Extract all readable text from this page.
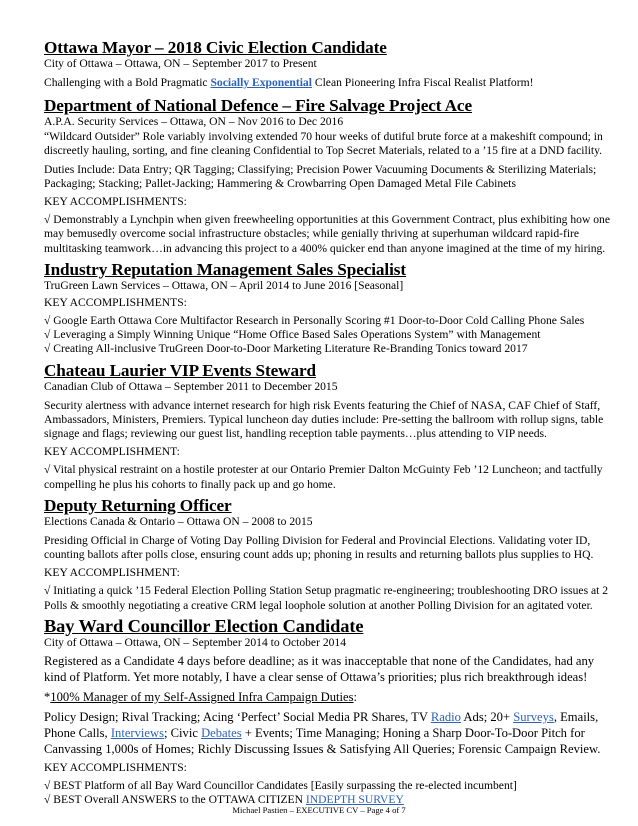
Ottawa Mayor – 2018 Civic Election Candidate
City of Ottawa – Ottawa, ON – September 2017 to Present

Challenging with a Bold Pragmatic Socially Exponential Clean Pioneering Infra Fiscal Realist Platform!

Department of National Defence – Fire Salvage Project Ace
A.P.A. Security Services – Ottawa, ON – Nov 2016 to Dec 2016

“Wildcard Outsider” Role variably involving extended 70 hour weeks of dutiful brute force at a makeshift compound; in discreetly hauling, sorting, and fine cleaning Confidential to Top Secret Materials, related to a ’15 fire at a DND facility.

Duties Include: Data Entry; QR Tagging; Classifying; Precision Power Vacuuming Documents & Sterilizing Materials; Packaging; Stacking; Pallet-Jacking; Hammering & Crowbarring Open Damaged Metal File Cabinets

KEY ACCOMPLISHMENTS:

√ Demonstrably a Lynchpin when given freewheeling opportunities at this Government Contract, plus exhibiting how one may bemusedly overcome social infrastructure obstacles; while genially thriving at superhuman wildcard rapid-fire multitasking teamwork…in advancing this project to a 400% quicker end than anyone imagined at the time of my hiring.

Industry Reputation Management Sales Specialist
TruGreen Lawn Services – Ottawa, ON – April 2014 to June 2016 [Seasonal]

KEY ACCOMPLISHMENTS:

√ Google Earth Ottawa Core Multifactor Research in Personally Scoring #1 Door-to-Door Cold Calling Phone Sales

√ Leveraging a Simply Winning Unique “Home Office Based Sales Operations System” with Management

√ Creating All-inclusive TruGreen Door-to-Door Marketing Literature Re-Branding Tonics toward 2017

Chateau Laurier VIP Events Steward
Canadian Club of Ottawa – September 2011 to December 2015

Security alertness with advance internet research for high risk Events featuring the Chief of NASA, CAF Chief of Staff, Ambassadors, Ministers, Premiers. Typical luncheon day duties include: Pre-setting the ballroom with rollup signs, table signage and flags; reviewing our guest list, handling reception table payments…plus attending to VIP needs.

KEY ACCOMPLISHMENT:

√ Vital physical restraint on a hostile protester at our Ontario Premier Dalton McGuinty Feb ’12 Luncheon; and tactfully compelling he plus his cohorts to finally pack up and go home.

Deputy Returning Officer
Elections Canada & Ontario – Ottawa ON – 2008 to 2015

Presiding Official in Charge of Voting Day Polling Division for Federal and Provincial Elections. Validating voter ID, counting ballots after polls close, ensuring count adds up; phoning in results and returning ballots plus supplies to HQ.

KEY ACCOMPLISHMENT:

√ Initiating a quick ’15 Federal Election Polling Station Setup pragmatic re-engineering; troubleshooting DRO issues at 2 Polls & smoothly negotiating a creative CRM legal loophole solution at another Polling Division for an agitated voter.

Bay Ward Councillor Election Candidate
City of Ottawa – Ottawa, ON – September 2014 to October 2014

Registered as a Candidate 4 days before deadline; as it was inacceptable that none of the Candidates, had any kind of Platform. Yet more notably, I have a clear sense of Ottawa’s priorities; plus rich breakthrough ideas!

*100% Manager of my Self-Assigned Infra Campaign Duties:

Policy Design; Rival Tracking; Acing ‘Perfect’ Social Media PR Shares, TV Radio Ads; 20+ Surveys, Emails, Phone Calls, Interviews; Civic Debates + Events; Time Managing; Honing a Sharp Door-To-Door Pitch for Canvassing 1,000s of Homes; Richly Discussing Issues & Satisfying All Queries; Forensic Campaign Review.

KEY ACCOMPLISHMENTS:

√ BEST Platform of all Bay Ward Councillor Candidates [Easily surpassing the re-elected incumbent]

√ BEST Overall ANSWERS to the OTTAWA CITIZEN INDEPTH SURVEY

Michael Pastien – EXECUTIVE CV – Page 4 of 7
